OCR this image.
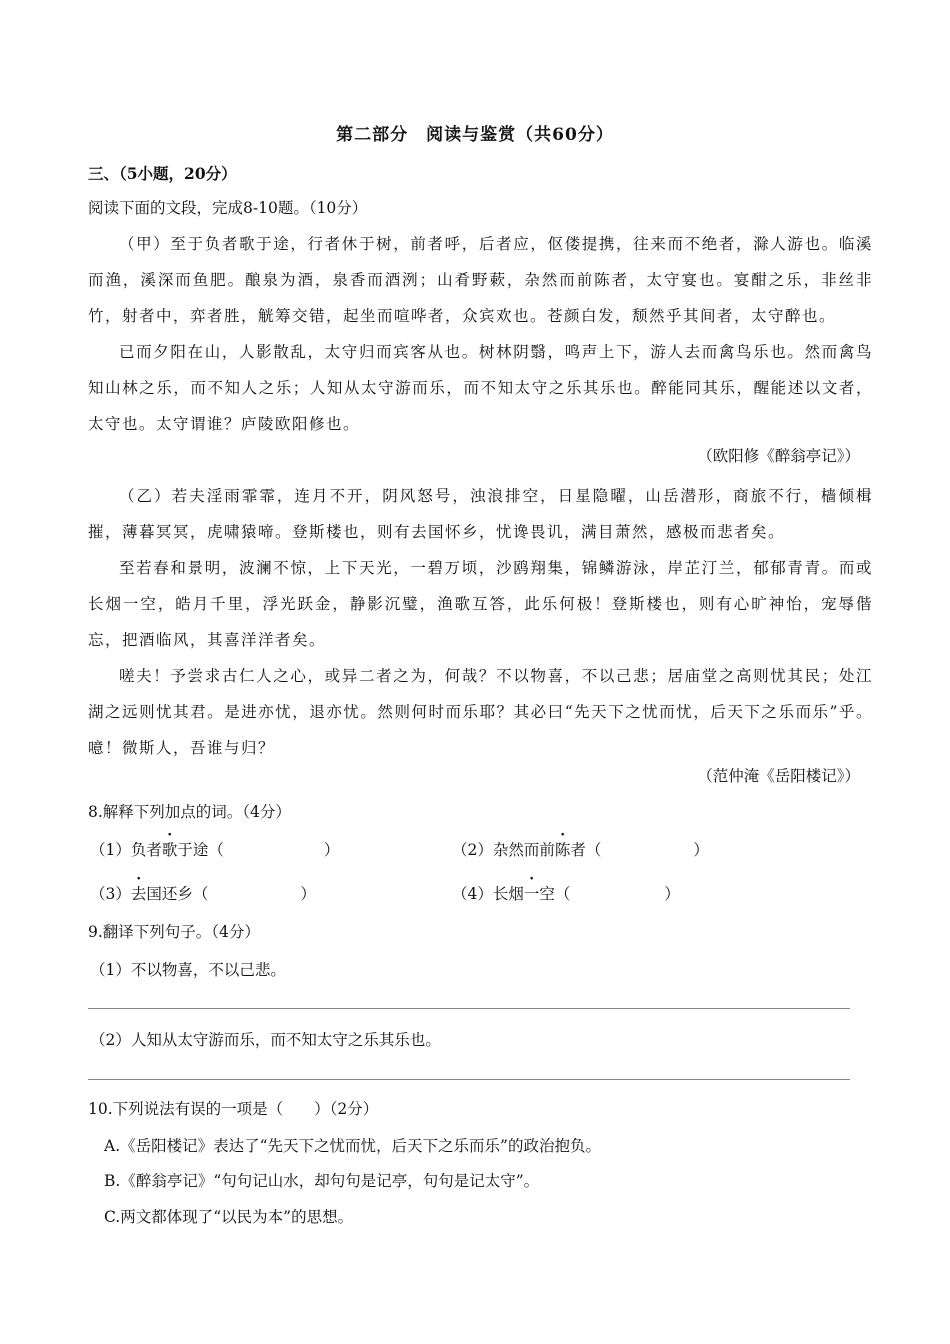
第二部分　阅读与鉴赏（共60分）
三、（5小题，20分）
阅读下面的文段，完成8-10题。（10分）
（甲）至于负者歌于途，行者休于树，前者呼，后者应，伛偻提携，往来而不绝者，滁人游也。临溪而渔，溪深而鱼肥。酿泉为酒，泉香而酒洌；山肴野蔌，杂然而前陈者，太守宴也。宴酣之乐，非丝非竹，射者中，弈者胜，觥筹交错，起坐而喧哗者，众宾欢也。苍颜白发，颓然乎其间者，太守醉也。
已而夕阳在山，人影散乱，太守归而宾客从也。树林阴翳，鸣声上下，游人去而禽鸟乐也。然而禽鸟知山林之乐，而不知人之乐；人知从太守游而乐，而不知太守之乐其乐也。醉能同其乐，醒能述以文者，太守也。太守谓谁？庐陵欧阳修也。
（欧阳修《醉翁亭记》）
（乙）若夫淫雨霏霏，连月不开，阴风怒号，浊浪排空，日星隐曜，山岳潜形，商旅不行，樯倾楫摧，薄暮冥冥，虎啸猿啼。登斯楼也，则有去国怀乡，忧谗畏讥，满目萧然，感极而悲者矣。
至若春和景明，波澜不惊，上下天光，一碧万顷，沙鸥翔集，锦鳞游泳，岸芷汀兰，郁郁青青。而或长烟一空，皓月千里，浮光跃金，静影沉璧，渔歌互答，此乐何极！登斯楼也，则有心旷神怡，宠辱偕忘，把酒临风，其喜洋洋者矣。
嗟夫！予尝求古仁人之心，或异二者之为，何哉？不以物喜，不以己悲；居庙堂之高则忧其民；处江湖之远则忧其君。是进亦忧，退亦忧。然则何时而乐耶？其必曰“先天下之忧而忧，后天下之乐而乐”乎。噫！微斯人，吾谁与归？
（范仲淹《岳阳楼记》）
8.解释下列加点的词。（4分）
（1）负者歌于途（	）	（2）杂然而前陈者（	）
（3）去国还乡（	）	（4）长烟一空（	）
9.翻译下列句子。（4分）
（1）不以物喜，不以己悲。
（2）人知从太守游而乐，而不知太守之乐其乐也。
10.下列说法有误的一项是（　　）（2分）
A.《岳阳楼记》表达了“先天下之忧而忧，后天下之乐而乐”的政治抱负。
B.《醉翁亭记》“句句记山水，却句句是记亭，句句是记太守”。
C.两文都体现了“以民为本”的思想。
